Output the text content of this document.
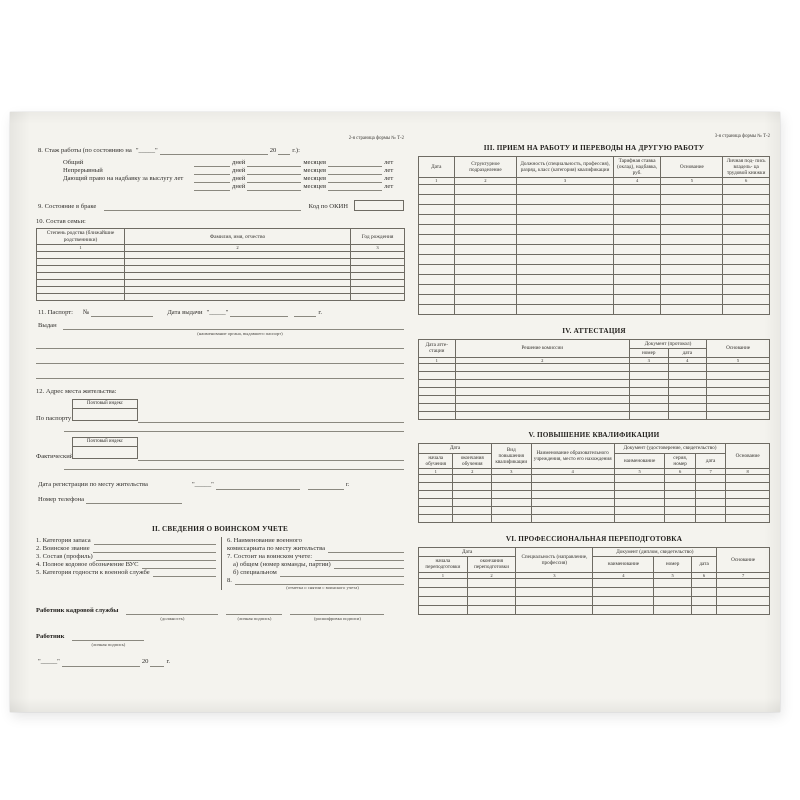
2-я страница формы № Т-2
8. Стаж работы (по состоянию на "_____"	20 г.):
Общий	дней	месяцев	лет
Непрерывный	дней	месяцев	лет
Дающий право на надбавку за выслугу лет	дней	месяцев	лет
дней	месяцев	лет
9. Состояние в браке	Код по ОКИН
10. Состав семьи:
Степень родства (ближайшие родственники)	Фамилия, имя, отчество	Год рождения
1	2	3

11. Паспорт: №	Дата выдачи "_____"	г.
Выдан
(наименование органа, выдавшего паспорт)
12. Адрес места жительства:
По паспорту
Почтовый индекс
Фактический
Почтовый индекс
Дата регистрации по месту жительства	"_____"	г.
Номер телефона
II. СВЕДЕНИЯ О ВОИНСКОМ УЧЕТЕ
1. Категория запаса
2. Воинское звание
3. Состав (профиль)
4. Полное кодовое обозначение ВУС
5. Категория годности к военной службе
6. Наименование военного
комиссариата по месту жительства
7. Состоит на воинском учете:
а) общем (номер команды, партии)
б) специальном
8.
(отметка о снятии с воинского учета)
Работник кадровой службы
(должность)	(личная подпись)	(расшифровка подписи)
Работник
(личная подпись)
"_____"	20	г.
3-я страница формы № Т-2
III. ПРИЕМ НА РАБОТУ И ПЕРЕВОДЫ НА ДРУГУЮ РАБОТУ
Дата	Структурное подразделение	Должность (специальность, профессия), разряд, класс (категория) квалификации	Тарифная ставка (оклад), надбавка, руб.	Основание	Личная под- пись владель- ца трудовой книжки
1	2	3	4	5	6

IV. АТТЕСТАЦИЯ
Дата атте- стации	Решение комиссии	Документ (протокол)		Основание
		номер	дата	
1	2	3	4	5

V. ПОВЫШЕНИЕ КВАЛИФИКАЦИИ
Дата		Вид повышения квалификации	Наименование образовательного учреждения, место его нахождения	Документ (удостоверение, свидетельство)			Основание
начала обучения	окончания обучения			наименование	серия, номер	дата	
1	2	3	4	5	6	7	8

VI. ПРОФЕССИОНАЛЬНАЯ ПЕРЕПОДГОТОВКА
Дата		Специальность (направление, профессия)	Документ (диплом, свидетельство)			Основание
начала переподготовки	окончания переподготовки		наименование	номер	дата	
1	2	3	4	5	6	7
